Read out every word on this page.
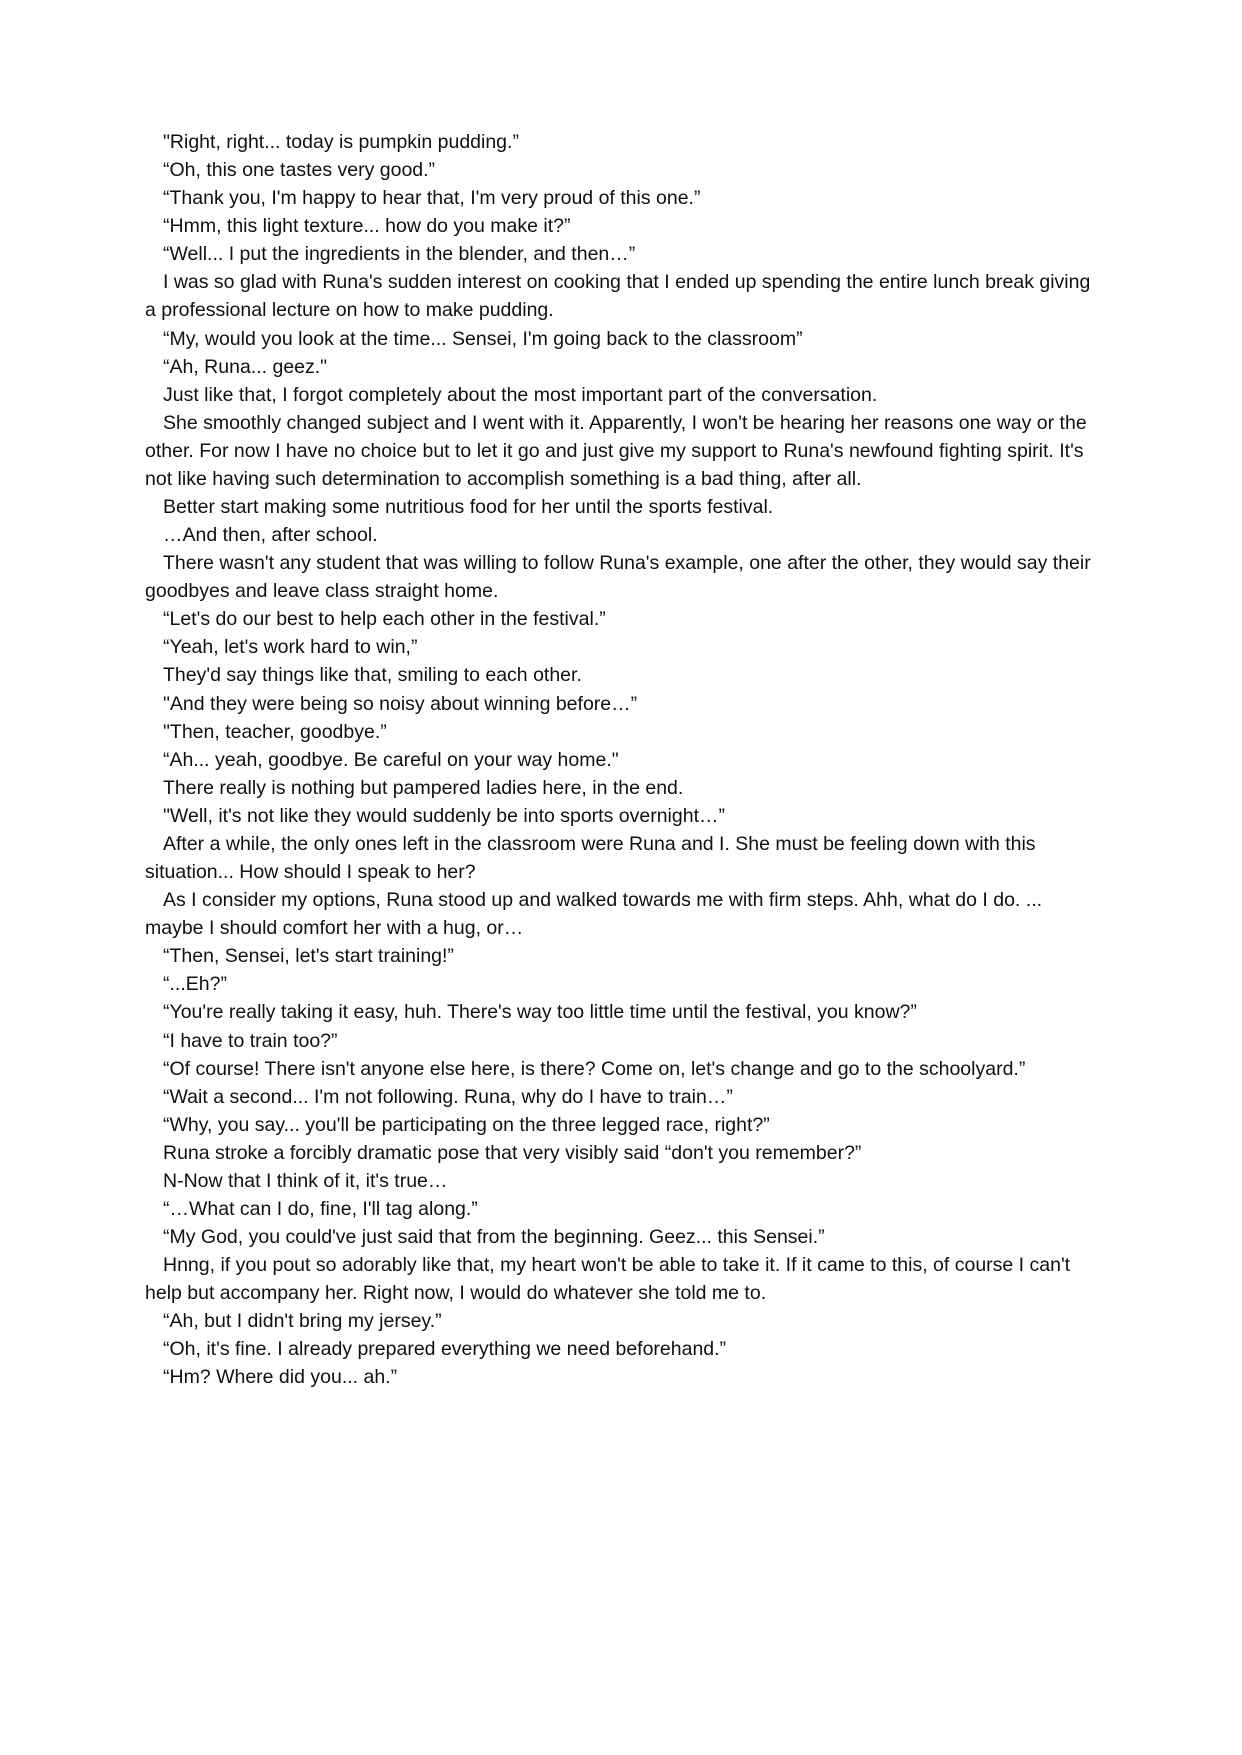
"Right, right... today is pumpkin pudding.”

“Oh, this one tastes very good.”

“Thank you, I'm happy to hear that, I'm very proud of this one.”

“Hmm, this light texture... how do you make it?”

“Well... I put the ingredients in the blender, and then…”

I was so glad with Runa's sudden interest on cooking that I ended up spending the entire lunch break giving a professional lecture on how to make pudding.

“My, would you look at the time... Sensei, I'm going back to the classroom”

“Ah, Runa... geez."

Just like that, I forgot completely about the most important part of the conversation.

She smoothly changed subject and I went with it. Apparently, I won't be hearing her reasons one way or the other. For now I have no choice but to let it go and just give my support to Runa's newfound fighting spirit. It's not like having such determination to accomplish something is a bad thing, after all.

Better start making some nutritious food for her until the sports festival.

…And then, after school.

There wasn't any student that was willing to follow Runa's example, one after the other, they would say their goodbyes and leave class straight home.

“Let's do our best to help each other in the festival.”

“Yeah, let's work hard to win,”

They'd say things like that, smiling to each other.

"And they were being so noisy about winning before…”

"Then, teacher, goodbye.”

“Ah... yeah, goodbye. Be careful on your way home."

There really is nothing but pampered ladies here, in the end.

"Well, it's not like they would suddenly be into sports overnight…”

After a while, the only ones left in the classroom were Runa and I. She must be feeling down with this situation... How should I speak to her?

As I consider my options, Runa stood up and walked towards me with firm steps. Ahh, what do I do. ... maybe I should comfort her with a hug, or…

“Then, Sensei, let's start training!”

“...Eh?”

“You're really taking it easy, huh. There's way too little time until the festival, you know?”

“I have to train too?”

“Of course! There isn't anyone else here, is there? Come on, let's change and go to the schoolyard.”

“Wait a second... I'm not following. Runa, why do I have to train…”

“Why, you say... you'll be participating on the three legged race, right?”

Runa stroke a forcibly dramatic pose that very visibly said “don't you remember?”

N-Now that I think of it, it's true…

“…What can I do, fine, I'll tag along.”

“My God, you could've just said that from the beginning. Geez... this Sensei.”

Hnng, if you pout so adorably like that, my heart won't be able to take it. If it came to this, of course I can't help but accompany her. Right now, I would do whatever she told me to.

“Ah, but I didn't bring my jersey.”

“Oh, it's fine. I already prepared everything we need beforehand.”

“Hm? Where did you... ah.”
